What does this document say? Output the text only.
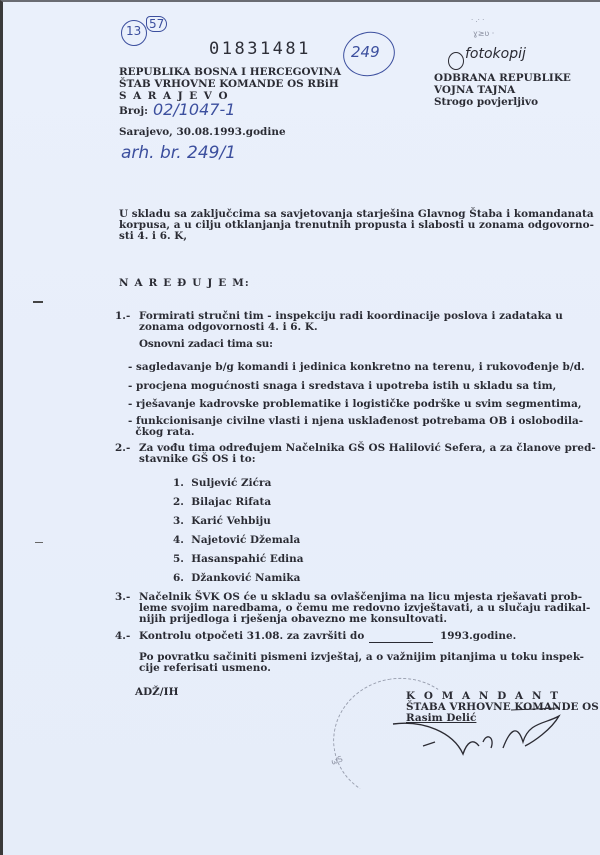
13 57
01831481	249
· .· ·
ɣ≥ʋ ·
fotokopij
REPUBLIKA BOSNA I HERCEGOVINA
ŠTAB VRHOVNE KOMANDE OS RBiH
S A R A J E V O
Broj: 02/1047-1
Sarajevo, 30.08.1993.godine
arh. br. 249/1
ODBRANA REPUBLIKE
VOJNA TAJNA
Strogo povjerljivo
U skladu sa zaključcima sa savjetovanja starješina Glavnog Štaba i komandanata
korpusa, a u cilju otklanjanja trenutnih propusta i slabosti u zonama odgovorno-
sti 4. i 6. K,
N A R E Đ U J E M:
1.- Formirati stručni tim - inspekciju radi koordinacije poslova i zadataka u
zonama odgovornosti 4. i 6. K.
Osnovni zadaci tima su:
- sagledavanje b/g komandi i jedinica konkretno na terenu, i rukovođenje b/d.
- procjena mogućnosti snaga i sredstava i upotreba istih u skladu sa tim,
- rješavanje kadrovske problematike i logističke podrške u svim segmentima,
- funkcionisanje civilne vlasti i njena usklađenost potrebama OB i oslobodila-
čkog rata.
2.- Za vođu tima određujem Načelnika GŠ OS Halilović Sefera, a za članove pred-
stavnike GŠ OS i to:
1.  Suljević Zićra
2.  Bilajac Rifata
3.  Karić Vehbiju
4.  Najetović Džemala
5.  Hasanspahić Edina
6.  Džanković Namika
3.- Načelnik ŠVK OS će u skladu sa ovlaščenjima na licu mjesta rješavati prob-
leme svojim naredbama, o čemu me redovno izvještavati, a u slučaju radikal-
nijih prijedloga i rješenja obavezno me konsultovati.
4.- Kontrolu otpočeti 31.08. za završiti do	1993.godine.
Po povratku sačiniti pismeni izvještaj, a o važnijim pitanjima u toku inspek-
cije referisati usmeno.
ADŽ/IH	K O M A N D A N T
ŠTABA VRHOVNE KOMANDE OS
Rasim Delić
ωS
